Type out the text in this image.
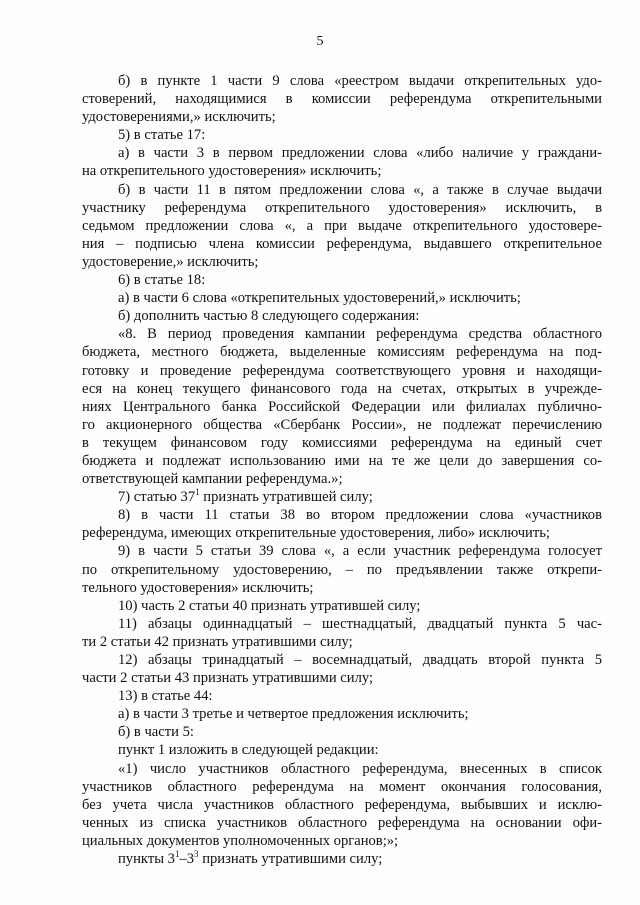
5
б) в пункте 1 части 9 слова «реестром выдачи открепительных удо-
стоверений, находящимися в комиссии референдума открепительными
удостоверениями,» исключить;
5) в статье 17:
а) в части 3 в первом предложении слова «либо наличие у граждани-
на открепительного удостоверения» исключить;
б) в части 11 в пятом предложении слова «, а также в случае выдачи
участнику референдума открепительного удостоверения» исключить, в
седьмом предложении слова «, а при выдаче открепительного удостовере-
ния – подписью члена комиссии референдума, выдавшего открепительное
удостоверение,» исключить;
6) в статье 18:
а) в части 6 слова «открепительных удостоверений,» исключить;
б) дополнить частью 8 следующего содержания:
«8. В период проведения кампании референдума средства областного
бюджета, местного бюджета, выделенные комиссиям референдума на под-
готовку и проведение референдума соответствующего уровня и находящи-
еся на конец текущего финансового года на счетах, открытых в учрежде-
ниях Центрального банка Российской Федерации или филиалах публично-
го акционерного общества «Сбербанк России», не подлежат перечислению
в текущем финансовом году комиссиями референдума на единый счет
бюджета и подлежат использованию ими на те же цели до завершения со-
ответствующей кампании референдума.»;
7) статью $37^1$ признать утратившей силу;
8) в части 11 статьи 38 во втором предложении слова «участников
референдума, имеющих открепительные удостоверения, либо» исключить;
9) в части 5 статьи 39 слова «, а если участник референдума голосует
по открепительному удостоверению, – по предъявлении также открепи-
тельного удостоверения» исключить;
10) часть 2 статьи 40 признать утратившей силу;
11) абзацы одиннадцатый – шестнадцатый, двадцатый пункта 5 час-
ти 2 статьи 42 признать утратившими силу;
12) абзацы тринадцатый – восемнадцатый, двадцать второй пункта 5
части 2 статьи 43 признать утратившими силу;
13) в статье 44:
а) в части 3 третье и четвертое предложения исключить;
б) в части 5:
пункт 1 изложить в следующей редакции:
«1) число участников областного референдума, внесенных в список
участников областного референдума на момент окончания голосования,
без учета числа участников областного референдума, выбывших и исклю-
ченных из списка участников областного референдума на основании офи-
циальных документов уполномоченных органов;»;
пункты $3^1-3^3$ признать утратившими силу;
